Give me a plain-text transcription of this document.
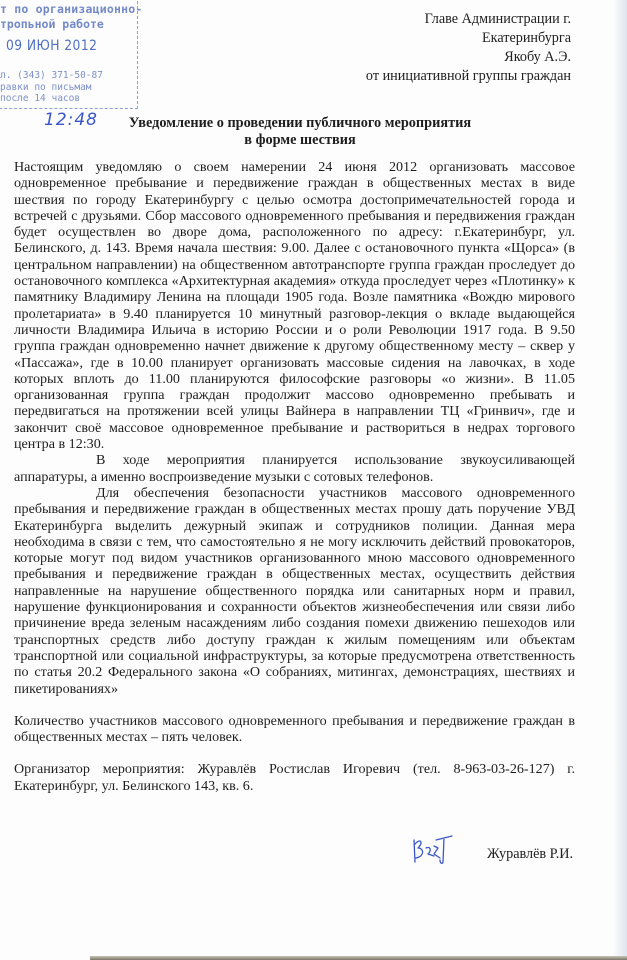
т по организационно-
тропьной работе
09 ИЮН 2012
л. (343) 371-50-87
равки по письмам
после 14 часов
12:48
Главе Администрации г.
Екатеринбурга
Якобу А.Э.
от инициативной группы граждан
Уведомление о проведении публичного мероприятия
в форме шествия

Настоящим уведомляю о своем намерении 24 июня 2012 организовать массовое одновременное пребывание и передвижение граждан в общественных местах в виде шествия по городу Екатеринбургу с целью осмотра достопримечательностей города и встречей с друзьями. Сбор массового одновременного пребывания и передвижения граждан будет осуществлен во дворе дома, расположенного по адресу: г.Екатеринбург, ул. Белинского, д. 143. Время начала шествия: 9.00. Далее с остановочного пункта «Щорса» (в центральном направлении) на общественном автотранспорте группа граждан проследует до остановочного комплекса «Архитектурная академия» откуда проследует через «Плотинку» к памятнику Владимиру Ленина на площади 1905 года. Возле памятника «Вождю мирового пролетариата» в 9.40 планируется 10 минутный разговор-лекция о вкладе выдающейся личности Владимира Ильича в историю России и о роли Революции 1917 года. В 9.50 группа граждан одновременно начнет движение к другому общественному месту – сквер у «Пассажа», где в 10.00 планирует организовать массовые сидения на лавочках, в ходе которых вплоть до 11.00 планируются философские разговоры «о жизни». В 11.05 организованная группа граждан продолжит массово одновременно пребывать и передвигаться на протяжении всей улицы Вайнера в направлении ТЦ «Гринвич», где и закончит своё массовое одновременное пребывание и раствориться в недрах торгового центра в 12:30.

В ходе мероприятия планируется использование звукоусиливающей аппаратуры, а именно воспроизведение музыки с сотовых телефонов.

Для обеспечения безопасности участников массового одновременного пребывания и передвижение граждан в общественных местах прошу дать поручение УВД Екатеринбурга выделить дежурный экипаж и сотрудников полиции. Данная мера необходима в связи с тем, что самостоятельно я не могу исключить действий провокаторов, которые могут под видом участников организованного мною массового одновременного пребывания и передвижение граждан в общественных местах, осуществить действия направленные на нарушение общественного порядка или санитарных норм и правил, нарушение функционирования и сохранности объектов жизнеобеспечения или связи либо причинение вреда зеленым насаждениям либо создания помехи движению пешеходов или транспортных средств либо доступу граждан к жилым помещениям или объектам транспортной или социальной инфраструктуры, за которые предусмотрена ответственность по статья 20.2 Федерального закона «О собраниях, митингах, демонстрациях, шествиях и пикетированиях»

Количество участников массового одновременного пребывания и передвижение граждан в общественных местах – пять человек.

Организатор мероприятия: Журавлёв Ростислав Игоревич (тел. 8-963-03-26-127) г. Екатеринбург, ул. Белинского 143, кв. 6.

Журавлёв Р.И.
